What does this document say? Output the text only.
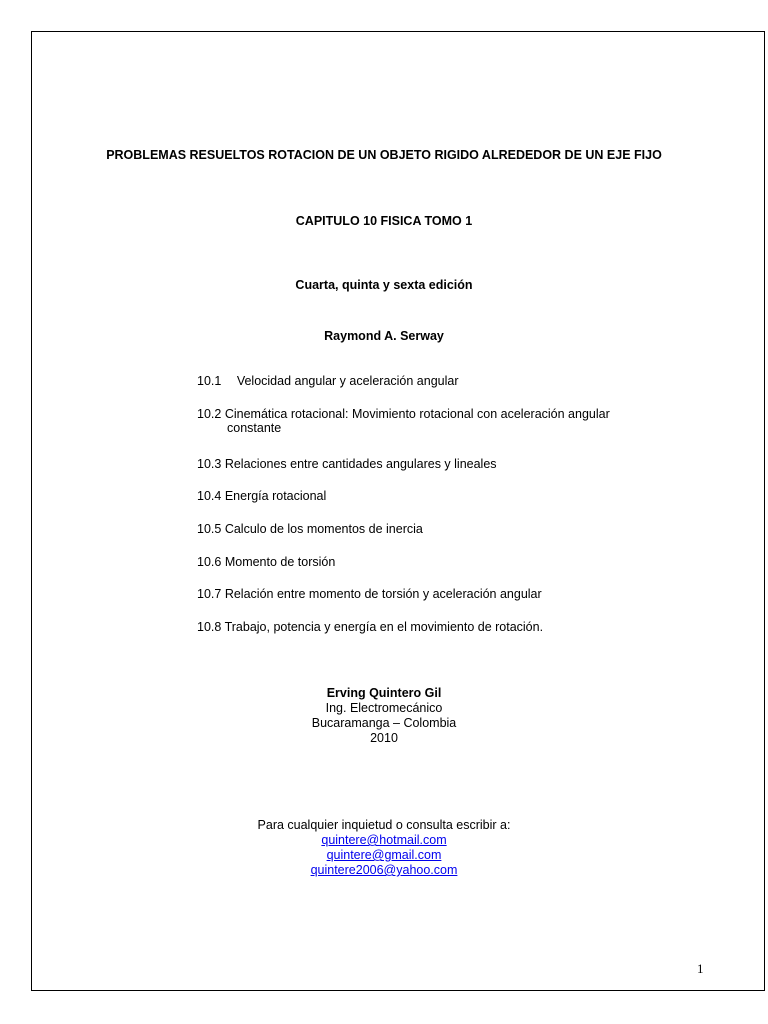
PROBLEMAS RESUELTOS ROTACION DE UN OBJETO RIGIDO ALREDEDOR DE UN EJE FIJO
CAPITULO 10 FISICA TOMO 1
Cuarta, quinta y sexta edición
Raymond A. Serway
10.1 Velocidad angular y aceleración angular
10.2 Cinemática rotacional: Movimiento rotacional con aceleración angular
constante
10.3 Relaciones entre cantidades angulares y lineales
10.4 Energía rotacional
10.5 Calculo de los momentos de inercia
10.6 Momento de torsión
10.7 Relación entre momento de torsión y aceleración angular
10.8 Trabajo, potencia y energía en el movimiento de rotación.
Erving Quintero Gil
Ing. Electromecánico
Bucaramanga – Colombia
2010
Para cualquier inquietud o consulta escribir a:
quintere@hotmail.com
quintere@gmail.com
quintere2006@yahoo.com
1
